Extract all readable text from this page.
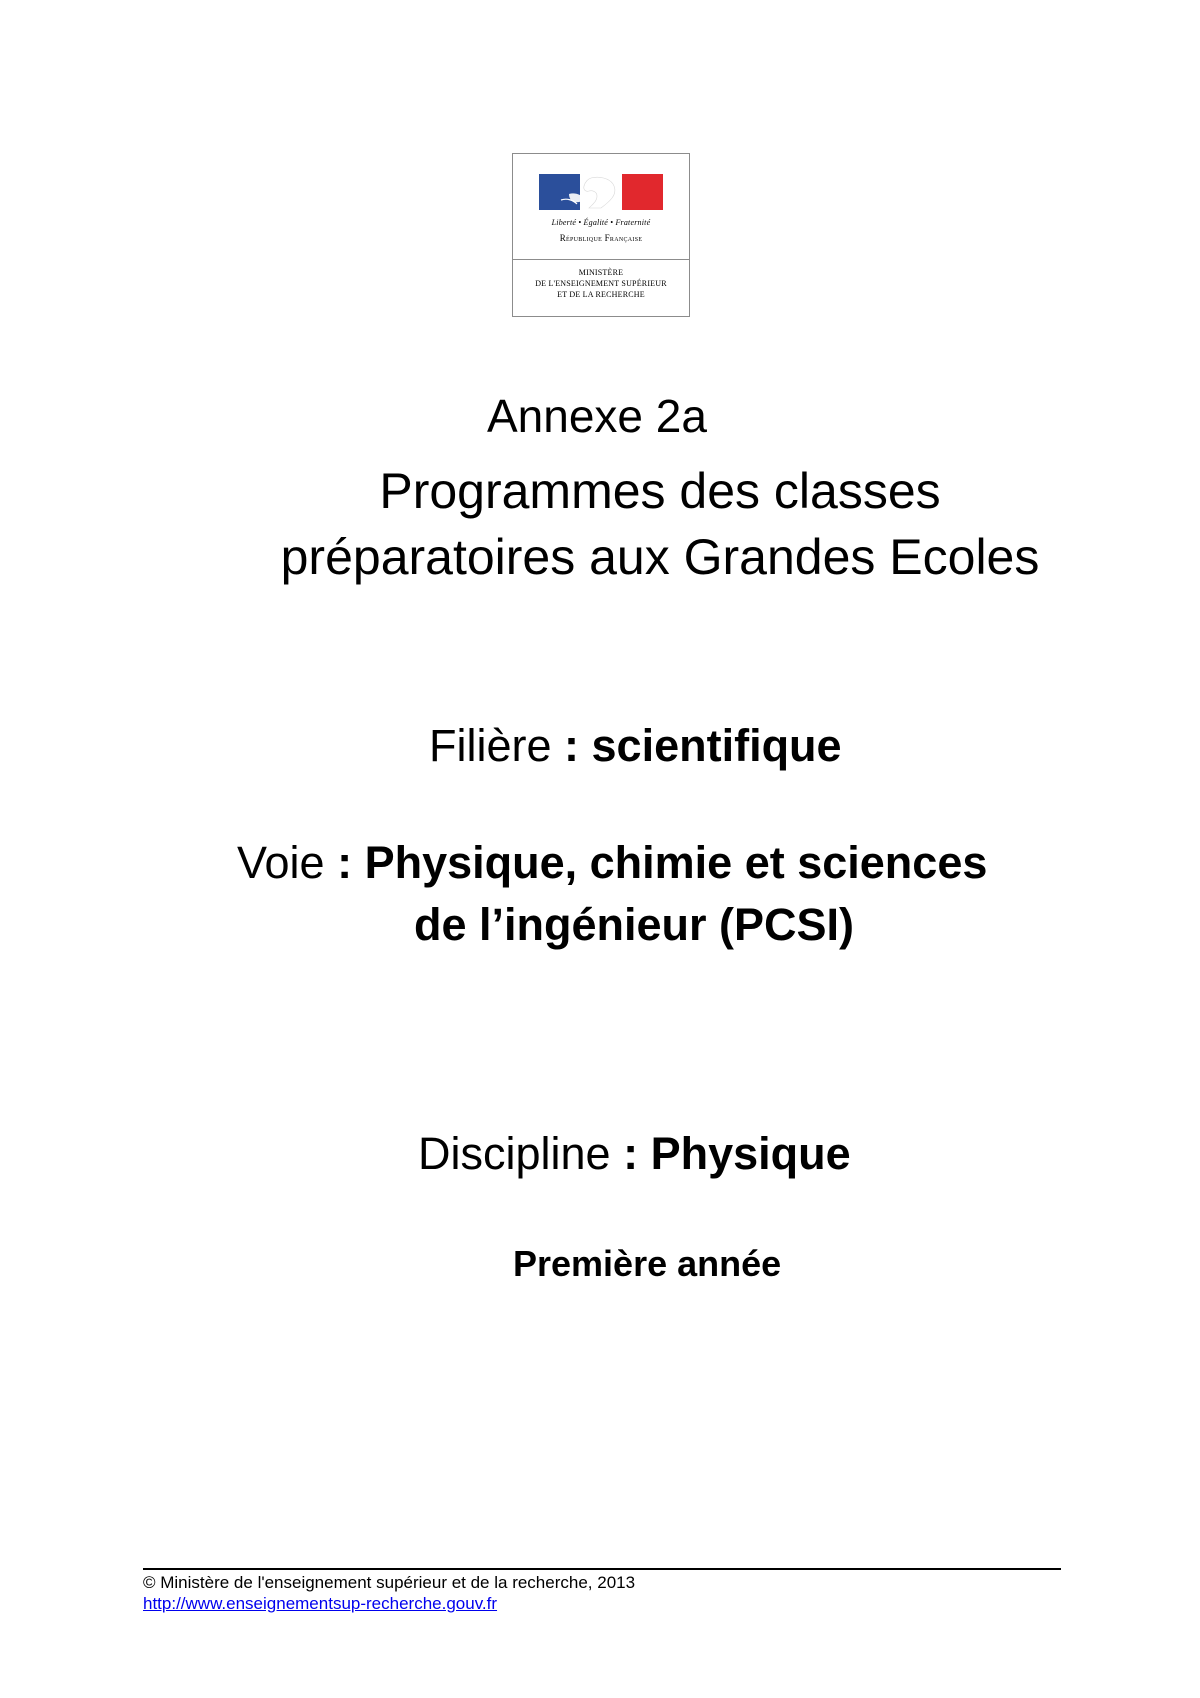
Liberté • Égalité • Fraternité
République Française
MINISTÈRE
DE L'ENSEIGNEMENT SUPÉRIEUR
ET DE LA RECHERCHE
Annexe 2a
Programmes des classes
préparatoires aux Grandes Ecoles
Filière : scientifique
Voie : Physique, chimie et sciences
de l’ingénieur (PCSI)
Discipline : Physique
Première année
© Ministère de l'enseignement supérieur et de la recherche, 2013
http://www.enseignementsup-recherche.gouv.fr
